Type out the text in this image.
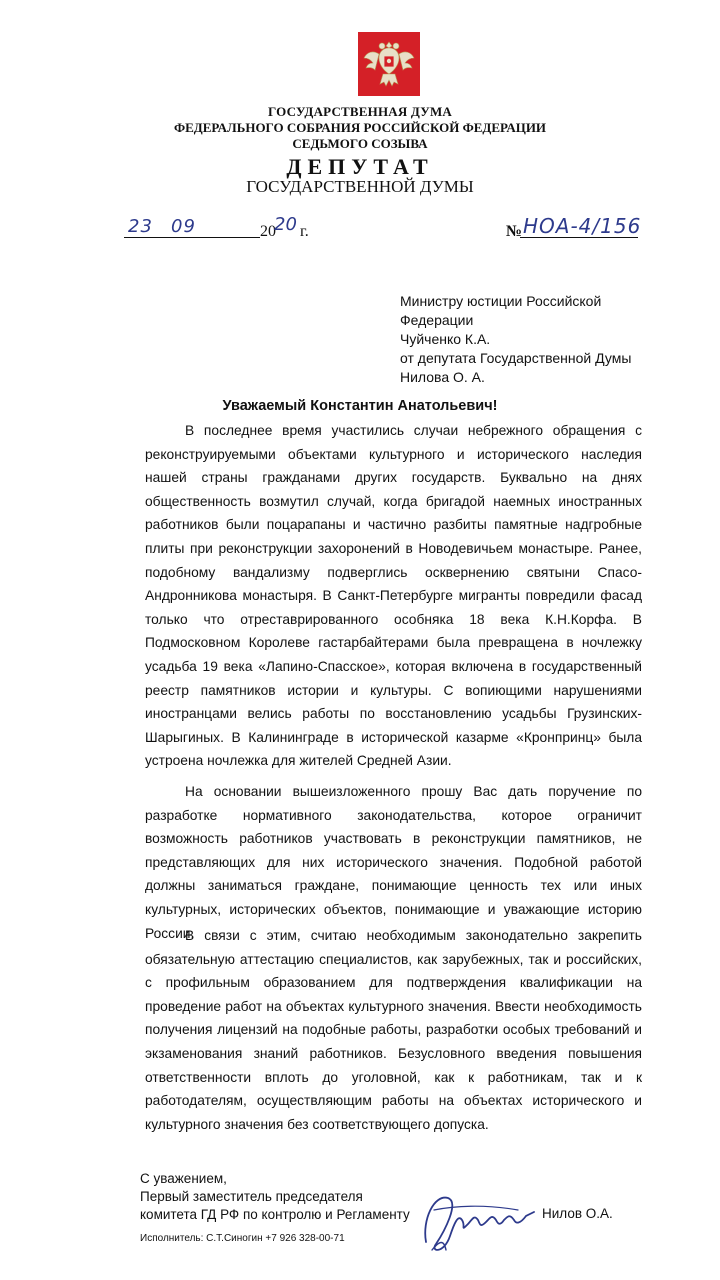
ГОСУДАРСТВЕННАЯ ДУМА
ФЕДЕРАЛЬНОГО СОБРАНИЯ РОССИЙСКОЙ ФЕДЕРАЦИИ
СЕДЬМОГО СОЗЫВА
ДЕПУТАТ
ГОСУДАРСТВЕННОЙ ДУМЫ
23 09	20
20 г.	№ НОА-4/156
Министру юстиции Российской
Федерации
Чуйченко К.А.
от депутата Государственной Думы
Нилова О. А.
Уважаемый Константин Анатольевич!

В последнее время участились случаи небрежного обращения с реконструируемыми объектами культурного и исторического наследия нашей страны гражданами других государств. Буквально на днях общественность возмутил случай, когда бригадой наемных иностранных работников были поцарапаны и частично разбиты памятные надгробные плиты при реконструкции захоронений в Новодевичьем монастыре. Ранее, подобному вандализму подверглись осквернению святыни Спасо-Андронникова монастыря. В Санкт-Петербурге мигранты повредили фасад только что отреставрированного особняка 18 века К.Н.Корфа. В Подмосковном Королеве гастарбайтерами была превращена в ночлежку усадьба 19 века «Лапино-Спасское», которая включена в государственный реестр памятников истории и культуры. С вопиющими нарушениями иностранцами велись работы по восстановлению усадьбы Грузинских-Шарыгиных. В Калининграде в исторической казарме «Кронпринц» была устроена ночлежка для жителей Средней Азии.

На основании вышеизложенного прошу Вас дать поручение по разработке нормативного законодательства, которое ограничит возможность работников участвовать в реконструкции памятников, не представляющих для них исторического значения. Подобной работой должны заниматься граждане, понимающие ценность тех или иных культурных, исторических объектов, понимающие и уважающие историю России.

В связи с этим, считаю необходимым законодательно закрепить обязательную аттестацию специалистов, как зарубежных, так и российских, с профильным образованием для подтверждения квалификации на проведение работ на объектах культурного значения. Ввести необходимость получения лицензий на подобные работы, разработки особых требований и экзаменования знаний работников. Безусловного введения повышения ответственности вплоть до уголовной, как к работникам, так и к работодателям, осуществляющим работы на объектах исторического и культурного значения без соответствующего допуска.

С уважением,
Первый заместитель председателя
комитета ГД РФ по контролю и Регламенту	Нилов О.А.
Исполнитель: С.Т.Синогин +7 926 328-00-71
